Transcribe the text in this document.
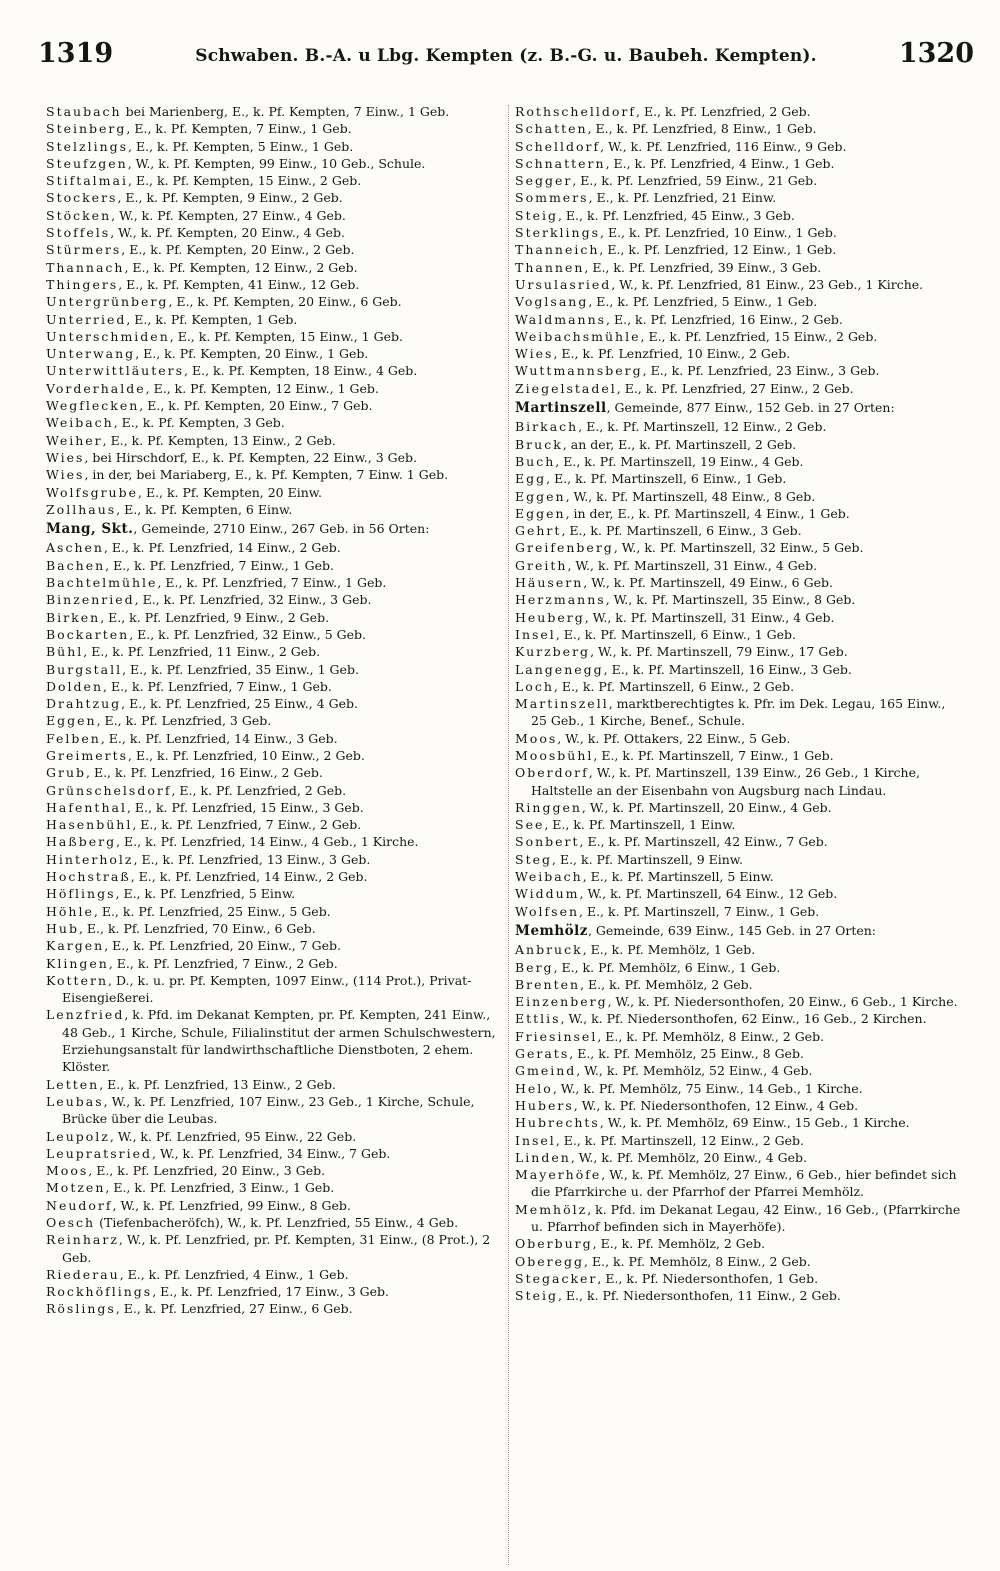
1319	Schwaben. B.-A. u Lbg. Kempten (z. B.-G. u. Baubeh. Kempten).	1320

Staubach bei Marienberg, E., k. Pf. Kempten, 7 Einw., 1 Geb.

Steinberg, E., k. Pf. Kempten, 7 Einw., 1 Geb.

Stelzlings, E., k. Pf. Kempten, 5 Einw., 1 Geb.

Steufzgen, W., k. Pf. Kempten, 99 Einw., 10 Geb., Schule.

Stiftalmai, E., k. Pf. Kempten, 15 Einw., 2 Geb.

Stockers, E., k. Pf. Kempten, 9 Einw., 2 Geb.

Stöcken, W., k. Pf. Kempten, 27 Einw., 4 Geb.

Stoffels, W., k. Pf. Kempten, 20 Einw., 4 Geb.

Stürmers, E., k. Pf. Kempten, 20 Einw., 2 Geb.

Thannach, E., k. Pf. Kempten, 12 Einw., 2 Geb.

Thingers, E., k. Pf. Kempten, 41 Einw., 12 Geb.

Untergrünberg, E., k. Pf. Kempten, 20 Einw., 6 Geb.

Unterried, E., k. Pf. Kempten, 1 Geb.

Unterschmiden, E., k. Pf. Kempten, 15 Einw., 1 Geb.

Unterwang, E., k. Pf. Kempten, 20 Einw., 1 Geb.

Unterwittläuters, E., k. Pf. Kempten, 18 Einw., 4 Geb.

Vorderhalde, E., k. Pf. Kempten, 12 Einw., 1 Geb.

Wegflecken, E., k. Pf. Kempten, 20 Einw., 7 Geb.

Weibach, E., k. Pf. Kempten, 3 Geb.

Weiher, E., k. Pf. Kempten, 13 Einw., 2 Geb.

Wies, bei Hirschdorf, E., k. Pf. Kempten, 22 Einw., 3 Geb.

Wies, in der, bei Mariaberg, E., k. Pf. Kempten, 7 Einw. 1 Geb.

Wolfsgrube, E., k. Pf. Kempten, 20 Einw.

Zollhaus, E., k. Pf. Kempten, 6 Einw.

Mang, Skt., Gemeinde, 2710 Einw., 267 Geb. in 56 Orten:

Aschen, E., k. Pf. Lenzfried, 14 Einw., 2 Geb.

Bachen, E., k. Pf. Lenzfried, 7 Einw., 1 Geb.

Bachtelmühle, E., k. Pf. Lenzfried, 7 Einw., 1 Geb.

Binzenried, E., k. Pf. Lenzfried, 32 Einw., 3 Geb.

Birken, E., k. Pf. Lenzfried, 9 Einw., 2 Geb.

Bockarten, E., k. Pf. Lenzfried, 32 Einw., 5 Geb.

Bühl, E., k. Pf. Lenzfried, 11 Einw., 2 Geb.

Burgstall, E., k. Pf. Lenzfried, 35 Einw., 1 Geb.

Dolden, E., k. Pf. Lenzfried, 7 Einw., 1 Geb.

Drahtzug, E., k. Pf. Lenzfried, 25 Einw., 4 Geb.

Eggen, E., k. Pf. Lenzfried, 3 Geb.

Felben, E., k. Pf. Lenzfried, 14 Einw., 3 Geb.

Greimerts, E., k. Pf. Lenzfried, 10 Einw., 2 Geb.

Grub, E., k. Pf. Lenzfried, 16 Einw., 2 Geb.

Grünschelsdorf, E., k. Pf. Lenzfried, 2 Geb.

Hafenthal, E., k. Pf. Lenzfried, 15 Einw., 3 Geb.

Hasenbühl, E., k. Pf. Lenzfried, 7 Einw., 2 Geb.

Haßberg, E., k. Pf. Lenzfried, 14 Einw., 4 Geb., 1 Kirche.

Hinterholz, E., k. Pf. Lenzfried, 13 Einw., 3 Geb.

Hochstraß, E., k. Pf. Lenzfried, 14 Einw., 2 Geb.

Höflings, E., k. Pf. Lenzfried, 5 Einw.

Höhle, E., k. Pf. Lenzfried, 25 Einw., 5 Geb.

Hub, E., k. Pf. Lenzfried, 70 Einw., 6 Geb.

Kargen, E., k. Pf. Lenzfried, 20 Einw., 7 Geb.

Klingen, E., k. Pf. Lenzfried, 7 Einw., 2 Geb.

Kottern, D., k. u. pr. Pf. Kempten, 1097 Einw., (114 Prot.), Privat-Eisengießerei.

Lenzfried, k. Pfd. im Dekanat Kempten, pr. Pf. Kempten, 241 Einw., 48 Geb., 1 Kirche, Schule, Filialinstitut der armen Schulschwestern, Erziehungsanstalt für landwirthschaftliche Dienstboten, 2 ehem. Klöster.

Letten, E., k. Pf. Lenzfried, 13 Einw., 2 Geb.

Leubas, W., k. Pf. Lenzfried, 107 Einw., 23 Geb., 1 Kirche, Schule, Brücke über die Leubas.

Leupolz, W., k. Pf. Lenzfried, 95 Einw., 22 Geb.

Leupratsried, W., k. Pf. Lenzfried, 34 Einw., 7 Geb.

Moos, E., k. Pf. Lenzfried, 20 Einw., 3 Geb.

Motzen, E., k. Pf. Lenzfried, 3 Einw., 1 Geb.

Neudorf, W., k. Pf. Lenzfried, 99 Einw., 8 Geb.

Oesch (Tiefenbacheröfch), W., k. Pf. Lenzfried, 55 Einw., 4 Geb.

Reinharz, W., k. Pf. Lenzfried, pr. Pf. Kempten, 31 Einw., (8 Prot.), 2 Geb.

Riederau, E., k. Pf. Lenzfried, 4 Einw., 1 Geb.

Rockhöflings, E., k. Pf. Lenzfried, 17 Einw., 3 Geb.

Röslings, E., k. Pf. Lenzfried, 27 Einw., 6 Geb.

Rothschelldorf, E., k. Pf. Lenzfried, 2 Geb.

Schatten, E., k. Pf. Lenzfried, 8 Einw., 1 Geb.

Schelldorf, W., k. Pf. Lenzfried, 116 Einw., 9 Geb.

Schnattern, E., k. Pf. Lenzfried, 4 Einw., 1 Geb.

Segger, E., k. Pf. Lenzfried, 59 Einw., 21 Geb.

Sommers, E., k. Pf. Lenzfried, 21 Einw.

Steig, E., k. Pf. Lenzfried, 45 Einw., 3 Geb.

Sterklings, E., k. Pf. Lenzfried, 10 Einw., 1 Geb.

Thanneich, E., k. Pf. Lenzfried, 12 Einw., 1 Geb.

Thannen, E., k. Pf. Lenzfried, 39 Einw., 3 Geb.

Ursulasried, W., k. Pf. Lenzfried, 81 Einw., 23 Geb., 1 Kirche.

Voglsang, E., k. Pf. Lenzfried, 5 Einw., 1 Geb.

Waldmanns, E., k. Pf. Lenzfried, 16 Einw., 2 Geb.

Weibachsmühle, E., k. Pf. Lenzfried, 15 Einw., 2 Geb.

Wies, E., k. Pf. Lenzfried, 10 Einw., 2 Geb.

Wuttmannsberg, E., k. Pf. Lenzfried, 23 Einw., 3 Geb.

Ziegelstadel, E., k. Pf. Lenzfried, 27 Einw., 2 Geb.

Martinszell, Gemeinde, 877 Einw., 152 Geb. in 27 Orten:

Birkach, E., k. Pf. Martinszell, 12 Einw., 2 Geb.

Bruck, an der, E., k. Pf. Martinszell, 2 Geb.

Buch, E., k. Pf. Martinszell, 19 Einw., 4 Geb.

Egg, E., k. Pf. Martinszell, 6 Einw., 1 Geb.

Eggen, W., k. Pf. Martinszell, 48 Einw., 8 Geb.

Eggen, in der, E., k. Pf. Martinszell, 4 Einw., 1 Geb.

Gehrt, E., k. Pf. Martinszell, 6 Einw., 3 Geb.

Greifenberg, W., k. Pf. Martinszell, 32 Einw., 5 Geb.

Greith, W., k. Pf. Martinszell, 31 Einw., 4 Geb.

Häusern, W., k. Pf. Martinszell, 49 Einw., 6 Geb.

Herzmanns, W., k. Pf. Martinszell, 35 Einw., 8 Geb.

Heuberg, W., k. Pf. Martinszell, 31 Einw., 4 Geb.

Insel, E., k. Pf. Martinszell, 6 Einw., 1 Geb.

Kurzberg, W., k. Pf. Martinszell, 79 Einw., 17 Geb.

Langenegg, E., k. Pf. Martinszell, 16 Einw., 3 Geb.

Loch, E., k. Pf. Martinszell, 6 Einw., 2 Geb.

Martinszell, marktberechtigtes k. Pfr. im Dek. Legau, 165 Einw., 25 Geb., 1 Kirche, Benef., Schule.

Moos, W., k. Pf. Ottakers, 22 Einw., 5 Geb.

Moosbühl, E., k. Pf. Martinszell, 7 Einw., 1 Geb.

Oberdorf, W., k. Pf. Martinszell, 139 Einw., 26 Geb., 1 Kirche, Haltstelle an der Eisenbahn von Augsburg nach Lindau.

Ringgen, W., k. Pf. Martinszell, 20 Einw., 4 Geb.

See, E., k. Pf. Martinszell, 1 Einw.

Sonbert, E., k. Pf. Martinszell, 42 Einw., 7 Geb.

Steg, E., k. Pf. Martinszell, 9 Einw.

Weibach, E., k. Pf. Martinszell, 5 Einw.

Widdum, W., k. Pf. Martinszell, 64 Einw., 12 Geb.

Wolfsen, E., k. Pf. Martinszell, 7 Einw., 1 Geb.

Memhölz, Gemeinde, 639 Einw., 145 Geb. in 27 Orten:

Anbruck, E., k. Pf. Memhölz, 1 Geb.

Berg, E., k. Pf. Memhölz, 6 Einw., 1 Geb.

Brenten, E., k. Pf. Memhölz, 2 Geb.

Einzenberg, W., k. Pf. Niedersonthofen, 20 Einw., 6 Geb., 1 Kirche.

Ettlis, W., k. Pf. Niedersonthofen, 62 Einw., 16 Geb., 2 Kirchen.

Friesinsel, E., k. Pf. Memhölz, 8 Einw., 2 Geb.

Gerats, E., k. Pf. Memhölz, 25 Einw., 8 Geb.

Gmeind, W., k. Pf. Memhölz, 52 Einw., 4 Geb.

Helo, W., k. Pf. Memhölz, 75 Einw., 14 Geb., 1 Kirche.

Hubers, W., k. Pf. Niedersonthofen, 12 Einw., 4 Geb.

Hubrechts, W., k. Pf. Memhölz, 69 Einw., 15 Geb., 1 Kirche.

Insel, E., k. Pf. Martinszell, 12 Einw., 2 Geb.

Linden, W., k. Pf. Memhölz, 20 Einw., 4 Geb.

Mayerhöfe, W., k. Pf. Memhölz, 27 Einw., 6 Geb., hier befindet sich die Pfarrkirche u. der Pfarrhof der Pfarrei Memhölz.

Memhölz, k. Pfd. im Dekanat Legau, 42 Einw., 16 Geb., (Pfarrkirche u. Pfarrhof befinden sich in Mayerhöfe).

Oberburg, E., k. Pf. Memhölz, 2 Geb.

Oberegg, E., k. Pf. Memhölz, 8 Einw., 2 Geb.

Stegacker, E., k. Pf. Niedersonthofen, 1 Geb.

Steig, E., k. Pf. Niedersonthofen, 11 Einw., 2 Geb.
